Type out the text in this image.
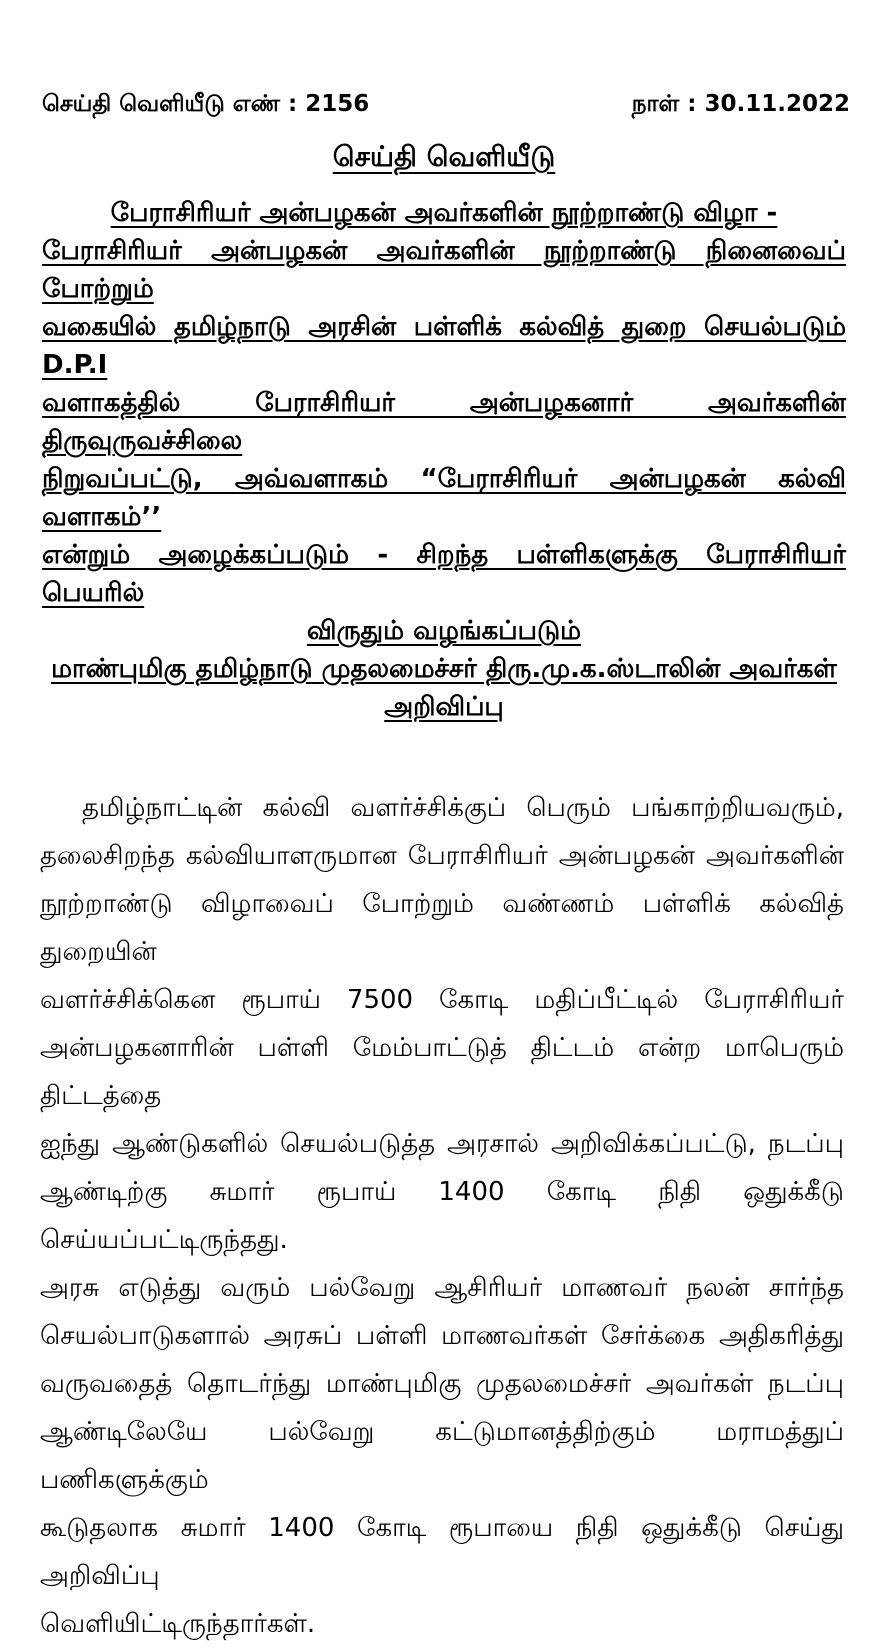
செய்தி வெளியீடு எண் : 2156	நாள் : 30.11.2022
செய்தி வெளியீடு
பேராசிரியர் அன்பழகன் அவர்களின் நூற்றாண்டு விழா -
பேராசிரியர் அன்பழகன் அவர்களின் நூற்றாண்டு நினைவைப் போற்றும்
வகையில் தமிழ்நாடு அரசின் பள்ளிக் கல்வித் துறை செயல்படும் D.P.I
வளாகத்தில் பேராசிரியர் அன்பழகனார் அவர்களின் திருவுருவச்சிலை
நிறுவப்பட்டு, அவ்வளாகம் “பேராசிரியர் அன்பழகன் கல்வி வளாகம்’’
என்றும் அழைக்கப்படும் - சிறந்த பள்ளிகளுக்கு பேராசிரியர் பெயரில்
விருதும் வழங்கப்படும்
மாண்புமிகு தமிழ்நாடு முதலமைச்சர் திரு.மு.க.ஸ்டாலின் அவர்கள்
அறிவிப்பு
தமிழ்நாட்டின் கல்வி வளர்ச்சிக்குப் பெரும் பங்காற்றியவரும்,
தலைசிறந்த கல்வியாளருமான பேராசிரியர் அன்பழகன் அவர்களின்
நூற்றாண்டு விழாவைப் போற்றும் வண்ணம் பள்ளிக் கல்வித் துறையின்
வளர்ச்சிக்கென ரூபாய் 7500 கோடி மதிப்பீட்டில் பேராசிரியர்
அன்பழகனாரின் பள்ளி மேம்பாட்டுத் திட்டம் என்ற மாபெரும் திட்டத்தை
ஐந்து ஆண்டுகளில் செயல்படுத்த அரசால் அறிவிக்கப்பட்டு, நடப்பு
ஆண்டிற்கு சுமார் ரூபாய் 1400 கோடி நிதி ஒதுக்கீடு செய்யப்பட்டிருந்தது.
அரசு எடுத்து வரும் பல்வேறு ஆசிரியர் மாணவர் நலன் சார்ந்த
செயல்பாடுகளால் அரசுப் பள்ளி மாணவர்கள் சேர்க்கை அதிகரித்து
வருவதைத் தொடர்ந்து மாண்புமிகு முதலமைச்சர் அவர்கள் நடப்பு
ஆண்டிலேயே பல்வேறு கட்டுமானத்திற்கும் மராமத்துப் பணிகளுக்கும்
கூடுதலாக சுமார் 1400 கோடி ரூபாயை நிதி ஒதுக்கீடு செய்து அறிவிப்பு
வெளியிட்டிருந்தார்கள்.
